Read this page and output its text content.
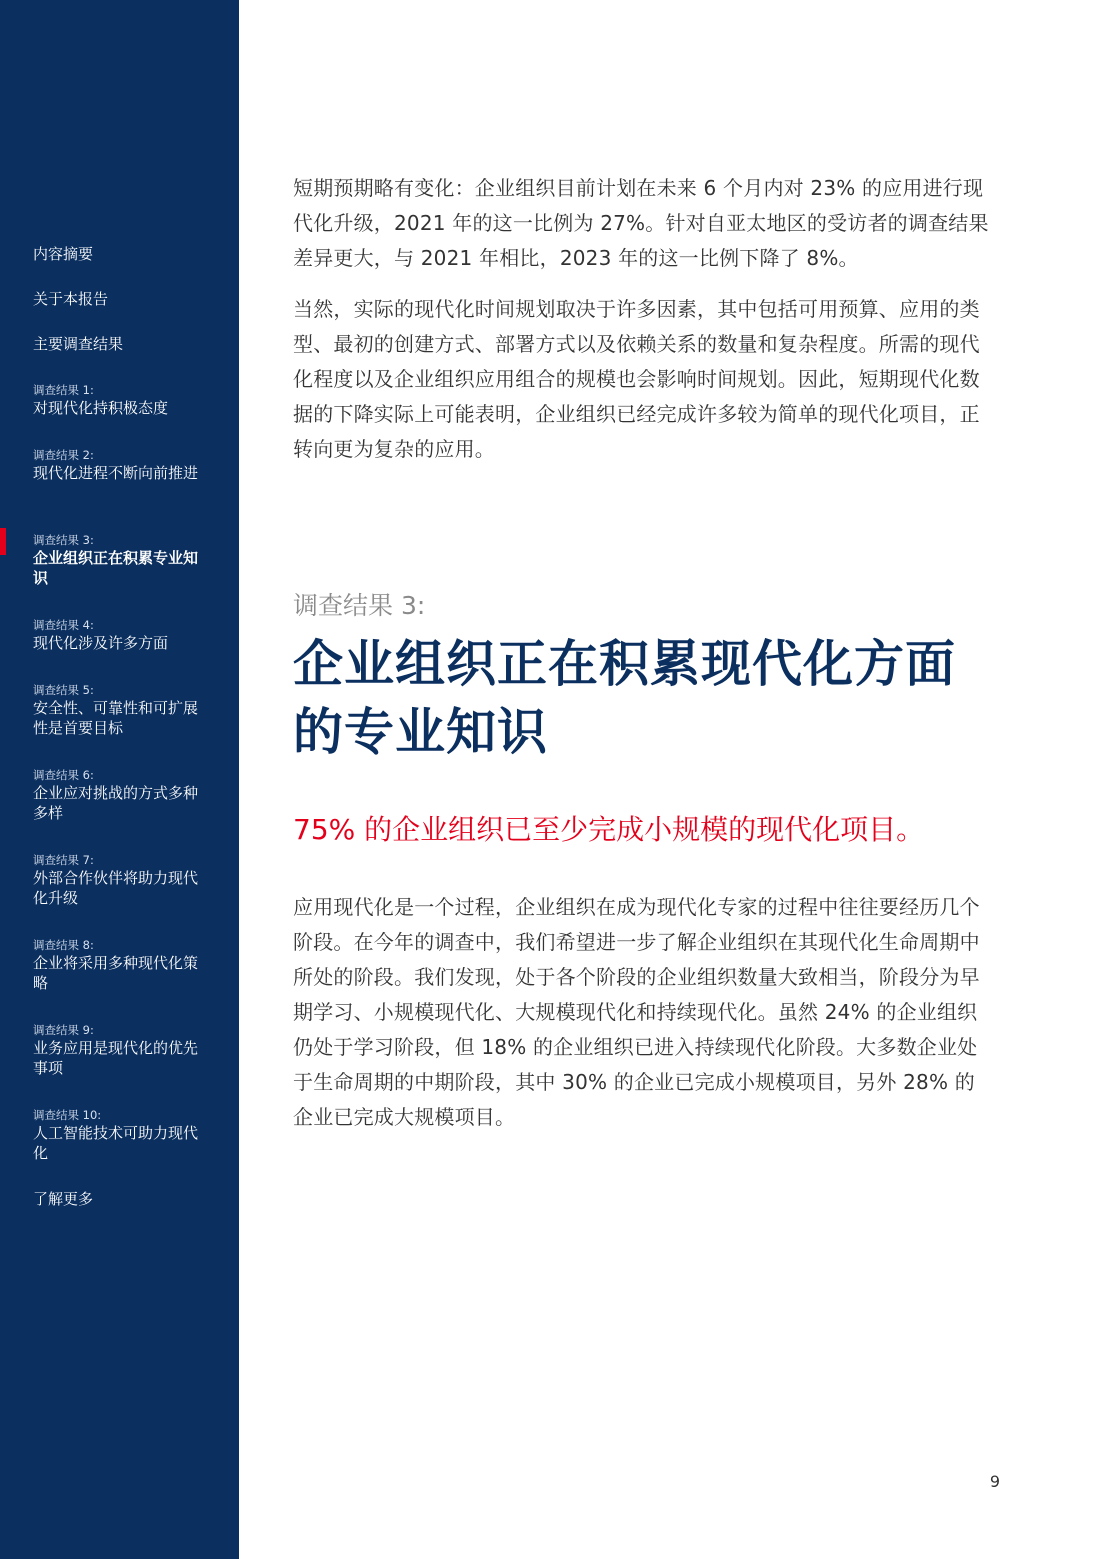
内容摘要
关于本报告
主要调查结果
调查结果 1:
对现代化持积极态度
调查结果 2:
现代化进程不断向前推进
调查结果 3:
企业组织正在积累专业知识
调查结果 4:
现代化涉及许多方面
调查结果 5:
安全性、可靠性和可扩展性是首要目标
调查结果 6:
企业应对挑战的方式多种多样
调查结果 7:
外部合作伙伴将助力现代化升级
调查结果 8:
企业将采用多种现代化策略
调查结果 9:
业务应用是现代化的优先事项
调查结果 10:
人工智能技术可助力现代化
了解更多

短期预期略有变化：企业组织目前计划在未来 6 个月内对 23% 的应用进行现代化升级，2021 年的这一比例为 27%。针对自亚太地区的受访者的调查结果差异更大，与 2021 年相比，2023 年的这一比例下降了 8%。

当然，实际的现代化时间规划取决于许多因素，其中包括可用预算、应用的类型、最初的创建方式、部署方式以及依赖关系的数量和复杂程度。所需的现代化程度以及企业组织应用组合的规模也会影响时间规划。因此，短期现代化数据的下降实际上可能表明，企业组织已经完成许多较为简单的现代化项目，正转向更为复杂的应用。

调查结果 3:

企业组织正在积累现代化方面的专业知识

75% 的企业组织已至少完成小规模的现代化项目。

应用现代化是一个过程，企业组织在成为现代化专家的过程中往往要经历几个阶段。在今年的调查中，我们希望进一步了解企业组织在其现代化生命周期中所处的阶段。我们发现，处于各个阶段的企业组织数量大致相当，阶段分为早期学习、小规模现代化、大规模现代化和持续现代化。虽然 24% 的企业组织仍处于学习阶段，但 18% 的企业组织已进入持续现代化阶段。大多数企业处于生命周期的中期阶段，其中 30% 的企业已完成小规模项目，另外 28% 的企业已完成大规模项目。

9
